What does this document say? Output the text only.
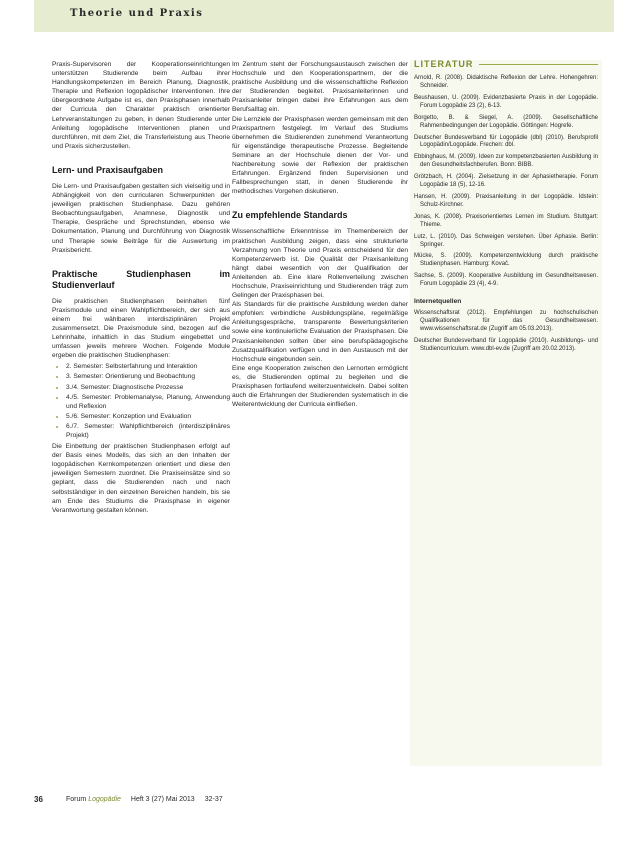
Theorie und Praxis

Praxis-Supervisoren der Kooperationseinrichtungen unterstützen Studierende beim Aufbau ihrer Handlungskompetenzen im Bereich Planung, Diagnostik, Therapie und Reflexion logopädischer Interventionen. Ihre übergeordnete Aufgabe ist es, den Praxisphasen innerhalb der Curricula den Charakter praktisch orientierter Lehrveranstaltungen zu geben, in denen Studierende unter Anleitung logopädische Interventionen planen und durchführen, mit dem Ziel, die Transferleistung aus Theorie und Praxis sicherzustellen.

Lern- und Praxisaufgaben

Die Lern- und Praxisaufgaben gestalten sich vielseitig und in Abhängigkeit von den curricularen Schwerpunkten der jeweiligen praktischen Studienphase. Dazu gehören Beobachtungsaufgaben, Anamnese, Diagnostik und Therapie, Gespräche und Sprechstunden, ebenso wie Dokumentation, Planung und Durchführung von Diagnostik und Therapie sowie Beiträge für die Auswertung im Praxisbericht.

Praktische Studienphasen im Studienverlauf

Die praktischen Studienphasen beinhalten fünf Praxismodule und einen Wahlpflichtbereich, der sich aus einem frei wählbaren interdisziplinären Projekt zusammensetzt. Die Praxismodule sind, bezogen auf die Lehrinhalte, inhaltlich in das Studium eingebettet und umfassen jeweils mehrere Wochen. Folgende Module ergeben die praktischen Studienphasen:

• 2. Semester: Selbsterfahrung und Interaktion
• 3. Semester: Orientierung und Beobachtung
• 3./4. Semester: Diagnostische Prozesse
• 4./5. Semester: Problemanalyse, Planung, Anwendung und Reflexion
• 5./6. Semester: Konzeption und Evaluation
• 6./7. Semester: Wahlpflichtbereich (interdisziplinäres Projekt)

Die Einbettung der praktischen Studienphasen erfolgt auf der Basis eines Modells, das sich an den Inhalten der logopädischen Kernkompetenzen orientiert und diese den jeweiligen Semestern zuordnet. Die Praxiseinsätze sind so geplant, dass die Studierenden nach und nach selbstständiger in den einzelnen Bereichen handeln, bis sie am Ende des Studiums die Praxisphase in eigener Verantwortung gestalten können.

Im Zentrum steht der Forschungsaustausch zwischen der Hochschule und den Kooperationspartnern, der die praktische Ausbildung und die wissenschaftliche Reflexion der Studierenden begleitet. Praxisanleiterinnen und Praxisanleiter bringen dabei ihre Erfahrungen aus dem Berufsalltag ein.

Die Lernziele der Praxisphasen werden gemeinsam mit den Praxispartnern festgelegt. Im Verlauf des Studiums übernehmen die Studierenden zunehmend Verantwortung für eigenständige therapeutische Prozesse. Begleitende Seminare an der Hochschule dienen der Vor- und Nachbereitung sowie der Reflexion der praktischen Erfahrungen. Ergänzend finden Supervisionen und Fallbesprechungen statt, in denen Studierende ihr methodisches Vorgehen diskutieren.

Zu empfehlende Standards

Wissenschaftliche Erkenntnisse im Themenbereich der praktischen Ausbildung zeigen, dass eine strukturierte Verzahnung von Theorie und Praxis entscheidend für den Kompetenzerwerb ist. Die Qualität der Praxisanleitung hängt dabei wesentlich von der Qualifikation der Anleitenden ab. Eine klare Rollenverteilung zwischen Hochschule, Praxiseinrichtung und Studierenden trägt zum Gelingen der Praxisphasen bei.

Als Standards für die praktische Ausbildung werden daher empfohlen: verbindliche Ausbildungspläne, regelmäßige Anleitungsgespräche, transparente Bewertungskriterien sowie eine kontinuierliche Evaluation der Praxisphasen. Die Praxisanleitenden sollten über eine berufspädagogische Zusatzqualifikation verfügen und in den Austausch mit der Hochschule eingebunden sein.

Eine enge Kooperation zwischen den Lernorten ermöglicht es, die Studierenden optimal zu begleiten und die Praxisphasen fortlaufend weiterzuentwickeln. Dabei sollten auch die Erfahrungen der Studierenden systematisch in die Weiterentwicklung der Curricula einfließen.

LITERATUR
Arnold, R. (2008). Didaktische Reflexion der Lehre. Hohengehren: Schneider.
Beushausen, U. (2009). Evidenzbasierte Praxis in der Logopädie. Forum Logopädie 23 (2), 6-13.
Borgetto, B. & Siegel, A. (2009). Gesellschaftliche Rahmenbedingungen der Logopädie. Göttingen: Hogrefe.
Deutscher Bundesverband für Logopädie (dbl) (2010). Berufsprofil Logopädin/Logopäde. Frechen: dbl.
Ebbinghaus, M. (2009). Ideen zur kompetenzbasierten Ausbildung in den Gesundheitsfachberufen. Bonn: BIBB.
Grötzbach, H. (2004). Zielsetzung in der Aphasietherapie. Forum Logopädie 18 (5), 12-16.
Hansen, H. (2009). Praxisanleitung in der Logopädie. Idstein: Schulz-Kirchner.
Jonas, K. (2008). Praxisorientiertes Lernen im Studium. Stuttgart: Thieme.
Lutz, L. (2010). Das Schweigen verstehen. Über Aphasie. Berlin: Springer.
Mücke, S. (2009). Kompetenzentwicklung durch praktische Studienphasen. Hamburg: Kovač.
Sachse, S. (2009). Kooperative Ausbildung im Gesundheitswesen. Forum Logopädie 23 (4), 4-9.
Internetquellen
Wissenschaftsrat (2012). Empfehlungen zu hochschulischen Qualifikationen für das Gesundheitswesen. www.wissenschaftsrat.de (Zugriff am 05.03.2013).
Deutscher Bundesverband für Logopädie (2010). Ausbildungs- und Studiencurriculum. www.dbl-ev.de (Zugriff am 20.02.2013).
36	Forum Logopädie Heft 3 (27) Mai 2013 32-37
